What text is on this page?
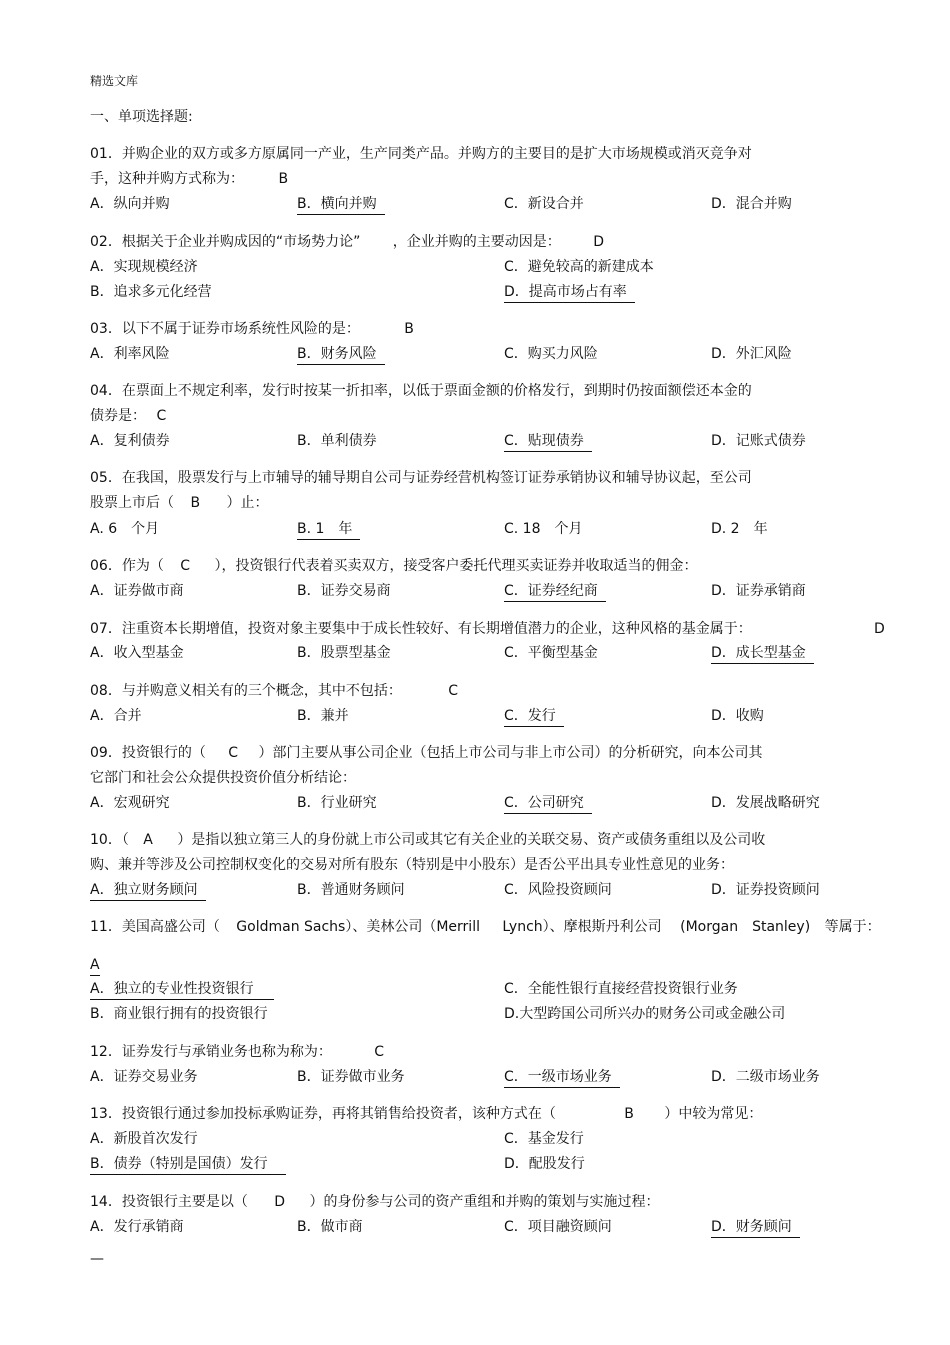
精选文库
一、单项选择题:
01．并购企业的双方或多方原属同一产业，生产同类产品。并购方的主要目的是扩大市场规模或消灭竞争对
手，这种并购方式称为： B
A．纵向并购	B．横向并购	C．新设合并	D．混合并购
02．根据关于企业并购成因的“市场势力论” ，企业并购的主要动因是： D
A．实现规模经济	C．避免较高的新建成本
B．追求多元化经营	D．提高市场占有率
03．以下不属于证券市场系统性风险的是：	B
A．利率风险	B．财务风险	C．购买力风险	D．外汇风险
04．在票面上不规定利率，发行时按某一折扣率，以低于票面金额的价格发行，到期时仍按面额偿还本金的
债券是： C
A．复利债券	B．单利债券	C．贴现债券	D．记账式债券
05．在我国，股票发行与上市辅导的辅导期自公司与证券经营机构签订证券承销协议和辅导协议起，至公司
股票上市后（ B ）止：
A. 6　个月	B. 1　年	C. 18　个月	D. 2　年
06．作为（ C ），投资银行代表着买卖双方，接受客户委托代理买卖证券并收取适当的佣金：
A．证券做市商	B．证券交易商	C．证券经纪商	D．证券承销商
07．注重资本长期增值，投资对象主要集中于成长性较好、有长期增值潜力的企业，这种风格的基金属于：	D
A．收入型基金	B．股票型基金	C．平衡型基金	D．成长型基金
08．与并购意义相关有的三个概念，其中不包括：	C
A．合并	B．兼并	C．发行	D．收购
09．投资银行的（ C ）部门主要从事公司企业（包括上市公司与非上市公司）的分析研究，向本公司其
它部门和社会公众提供投资价值分析结论：
A．宏观研究	B．行业研究	C．公司研究	D．发展战略研究
10．（ A ）是指以独立第三人的身份就上市公司或其它有关企业的关联交易、资产或债务重组以及公司收
购、兼并等涉及公司控制权变化的交易对所有股东（特别是中小股东）是否公平出具专业性意见的业务：
A．独立财务顾问	B．普通财务顾问	C．风险投资顾问	D．证券投资顾问
11．美国高盛公司（ Goldman Sachs）、美林公司（Merrill Lynch）、摩根斯丹利公司 (Morgan　Stanley) 等属于：
A
A．独立的专业性投资银行	C．全能性银行直接经营投资银行业务
B．商业银行拥有的投资银行	D.大型跨国公司所兴办的财务公司或金融公司
12．证券发行与承销业务也称为称为：	C
A．证券交易业务	B．证券做市业务	C．一级市场业务	D．二级市场业务
13．投资银行通过参加投标承购证券，再将其销售给投资者，该种方式在（	B ）中较为常见：
A．新股首次发行	C．基金发行
B．债券（特别是国债）发行	D．配股发行
14．投资银行主要是以（ D ）的身份参与公司的资产重组和并购的策划与实施过程：
A．发行承销商	B．做市商	C．项目融资顾问	D．财务顾问
—
